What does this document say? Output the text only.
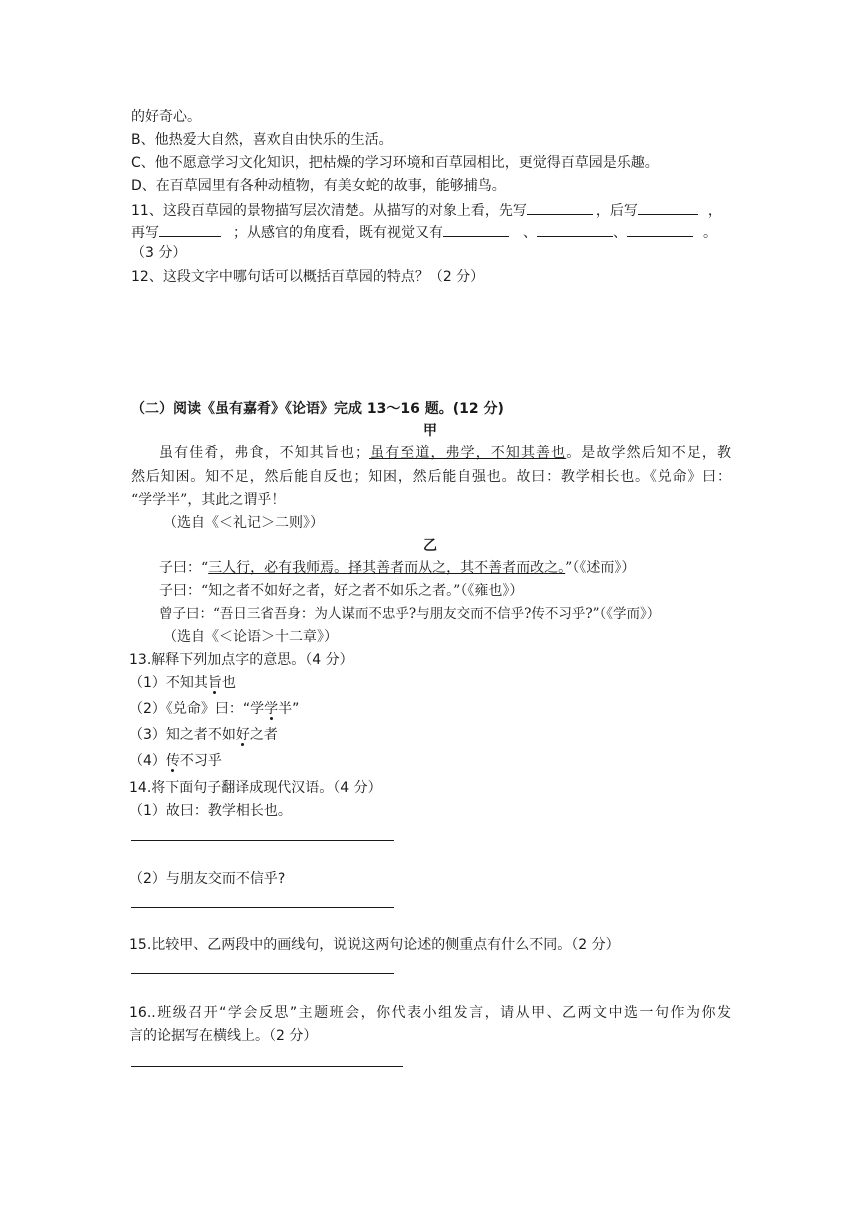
的好奇心。
B、他热爱大自然，喜欢自由快乐的生活。
C、他不愿意学习文化知识，把枯燥的学习环境和百草园相比，更觉得百草园是乐趣。
D、在百草园里有各种动植物，有美女蛇的故事，能够捕鸟。
11、这段百草园的景物描写层次清楚。从描写的对象上看，先写	，后写	，
再写	；从感官的角度看，既有视觉又有	、	、	。
（3 分）
12、这段文字中哪句话可以概括百草园的特点？（2 分）
（二）阅读《虽有嘉肴》《论语》完成 13～16 题。(12 分)
甲
虽有佳肴，弗食，不知其旨也；虽有至道，弗学，不知其善也。是故学然后知不足，教
然后知困。知不足，然后能自反也；知困，然后能自强也。故曰：教学相长也。《兑命》曰：
“学学半”，其此之谓乎！
（选自《＜礼记＞二则》）
乙
子曰：“三人行，必有我师焉。择其善者而从之，其不善者而改之。”（《述而》）
子曰：“知之者不如好之者，好之者不如乐之者。”（《雍也》）
曾子曰：“吾日三省吾身：为人谋而不忠乎?与朋友交而不信乎?传不习乎?”（《学而》）
（选自《＜论语＞十二章》）
13.解释下列加点字的意思。（4 分）
（1）不知其旨也
（2）《兑命》曰：“学学半”
（3）知之者不如好之者
（4）传不习乎
14.将下面句子翻译成现代汉语。（4 分）
（1）故曰：教学相长也。
（2）与朋友交而不信乎?
15.比较甲、乙两段中的画线句，说说这两句论述的侧重点有什么不同。（2 分）
16..班级召开“学会反思”主题班会，你代表小组发言，请从甲、乙两文中选一句作为你发
言的论据写在横线上。（2 分）
